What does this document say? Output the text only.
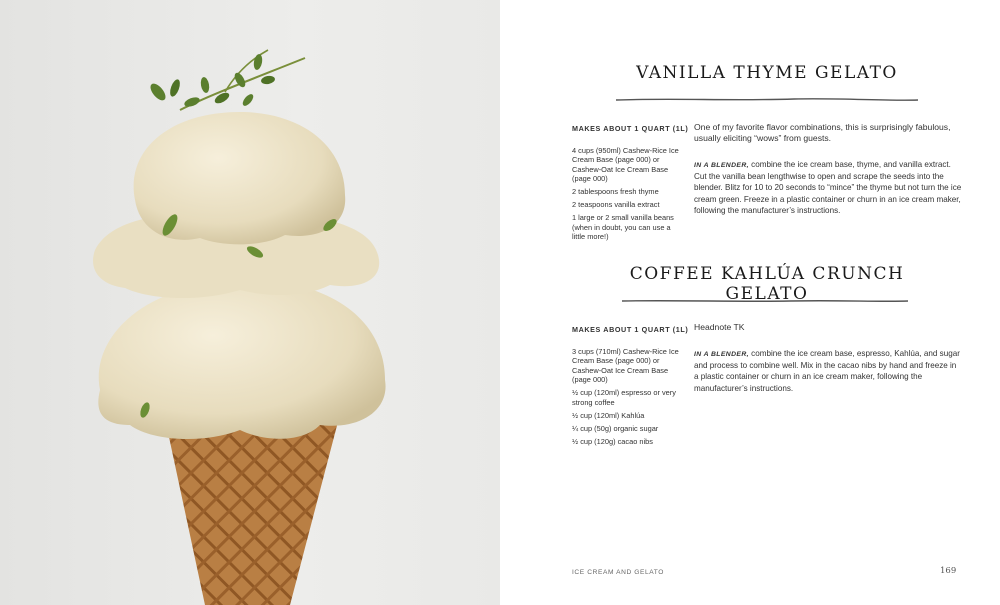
VANILLA THYME GELATO
MAKES ABOUT 1 QUART (1L)
4 cups (950ml) Cashew-Rice Ice Cream Base (page 000) or Cashew-Oat Ice Cream Base (page 000)
2 tablespoons fresh thyme
2 teaspoons vanilla extract
1 large or 2 small vanilla beans (when in doubt, you can use a little more!)

One of my favorite flavor combinations, this is surprisingly fabulous, usually eliciting “wows” from guests.

IN A BLENDER, combine the ice cream base, thyme, and vanilla extract. Cut the vanilla bean lengthwise to open and scrape the seeds into the blender. Blitz for 10 to 20 seconds to “mince” the thyme but not turn the ice cream green. Freeze in a plastic container or churn in an ice cream maker, following the manufacturer’s instructions.

COFFEE KAHLÚA CRUNCH GELATO
MAKES ABOUT 1 QUART (1L)
3 cups (710ml) Cashew-Rice Ice Cream Base (page 000) or Cashew-Oat Ice Cream Base (page 000)
½ cup (120ml) espresso or very strong coffee
½ cup (120ml) Kahlúa
¼ cup (50g) organic sugar
½ cup (120g) cacao nibs

Headnote TK

IN A BLENDER, combine the ice cream base, espresso, Kahlúa, and sugar and process to combine well. Mix in the cacao nibs by hand and freeze in a plastic container or churn in an ice cream maker, following the manufacturer’s instructions.

ICE CREAM AND GELATO	169
